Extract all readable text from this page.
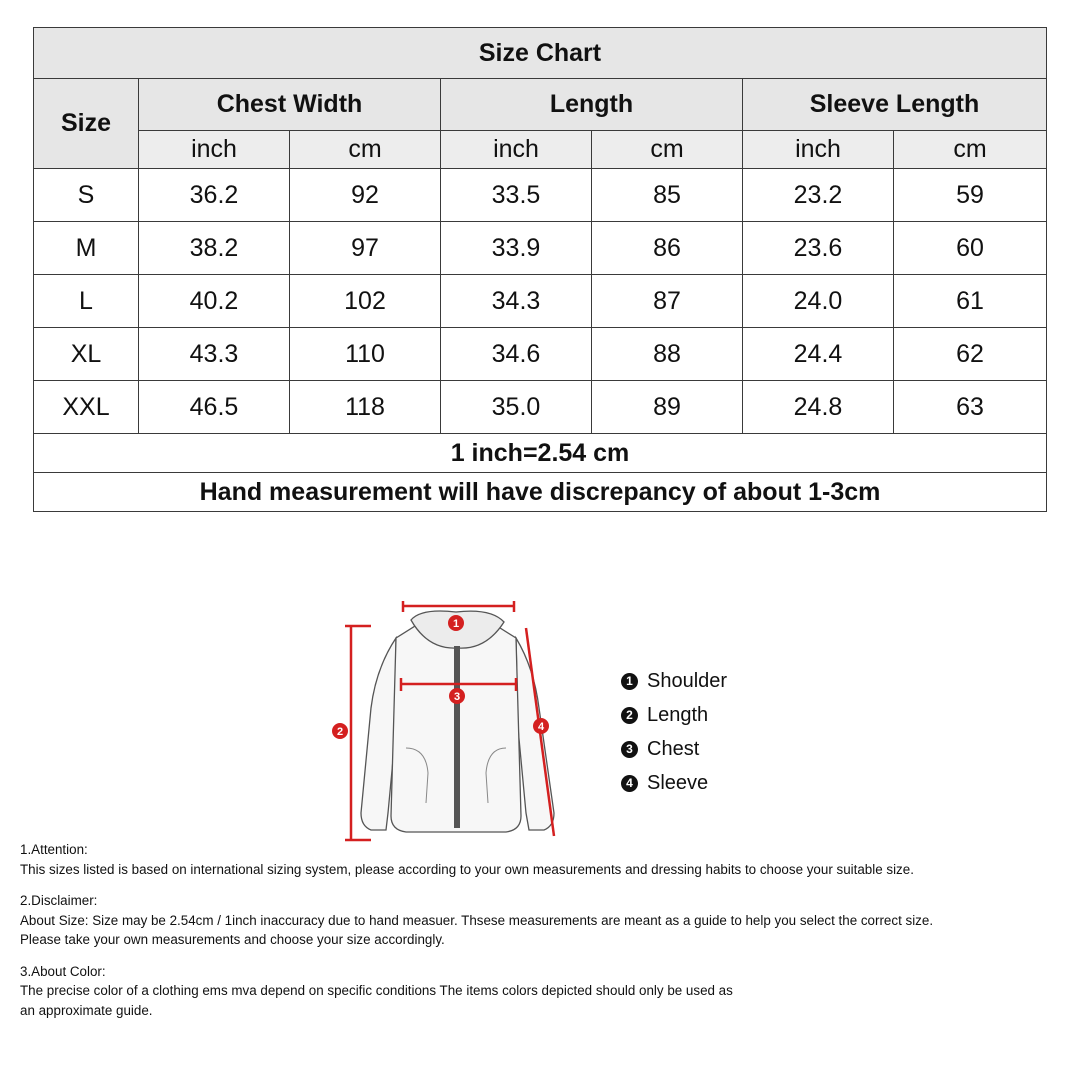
Size Chart						
Size	Chest Width		Length		Sleeve Length	
	inch	cm	inch	cm	inch	cm
S	36.2	92	33.5	85	23.2	59
M	38.2	97	33.9	86	23.6	60
L	40.2	102	34.3	87	24.0	61
XL	43.3	110	34.6	88	24.4	62
XXL	46.5	118	35.0	89	24.8	63
1 inch=2.54 cm						
Hand measurement will have discrepancy of about 1-3cm						
1
2
3
4
1 Shoulder
2 Length
3 Chest
4 Sleeve

1.Attention:

This sizes listed is based on international sizing system, please according to your own measurements and dressing habits to choose your suitable size.

2.Disclaimer:

About Size: Size may be 2.54cm / 1inch inaccuracy due to hand measuer. Thsese measurements are meant as a guide to help you select the correct size.

Please take your own measurements and choose your size accordingly.

3.About Color:

The precise color of a clothing ems mva depend on specific conditions The items colors depicted should only be used as

an approximate guide.
